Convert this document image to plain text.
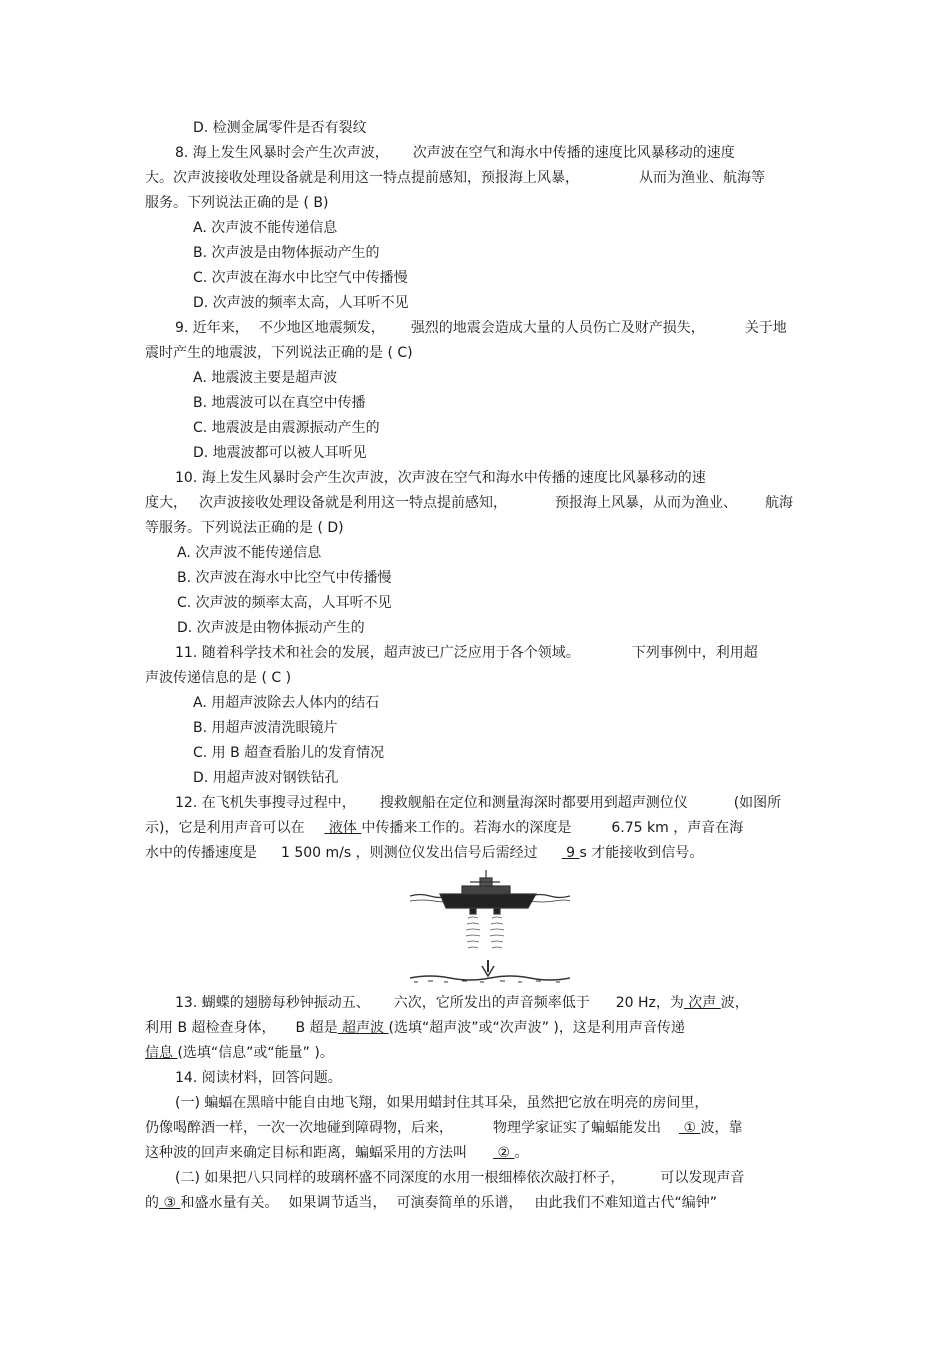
D. 检测金属零件是否有裂纹
8. 海上发生风暴时会产生次声波， 次声波在空气和海水中传播的速度比风暴移动的速度
大。次声波接收处理设备就是利用这一特点提前感知，预报海上风暴，	从而为渔业、航海等
服务。下列说法正确的是 ( B)
A. 次声波不能传递信息
B. 次声波是由物体振动产生的
C. 次声波在海水中比空气中传播慢
D. 次声波的频率太高，人耳听不见
9. 近年来， 不少地区地震频发， 强烈的地震会造成大量的人员伤亡及财产损失，	关于地
震时产生的地震波，下列说法正确的是 ( C)
A. 地震波主要是超声波
B. 地震波可以在真空中传播
C. 地震波是由震源振动产生的
D. 地震波都可以被人耳听见
10. 海上发生风暴时会产生次声波，次声波在空气和海水中传播的速度比风暴移动的速
度大， 次声波接收处理设备就是利用这一特点提前感知，	预报海上风暴，从而为渔业、 航海
等服务。下列说法正确的是 ( D)
A. 次声波不能传递信息
B. 次声波在海水中比空气中传播慢
C. 次声波的频率太高，人耳听不见
D. 次声波是由物体振动产生的
11. 随着科学技术和社会的发展，超声波已广泛应用于各个领域。	下列事例中，利用超
声波传递信息的是 ( C )
A. 用超声波除去人体内的结石
B. 用超声波清洗眼镜片
C. 用 B 超查看胎儿的发育情况
D. 用超声波对钢铁钻孔
12. 在飞机失事搜寻过程中， 搜救舰船在定位和测量海深时都要用到超声测位仪	(如图所
示)，它是利用声音可以在 液体 中传播来工作的。若海水的深度是	6.75 km ，声音在海
水中的传播速度是 1 500 m/s ，则测位仪发出信号后需经过 9 s 才能接收到信号。
13. 蝴蝶的翅膀每秒钟振动五、 六次，它所发出的声音频率低于 20 Hz，为 次声 波，
利用 B 超检查身体， B 超是 超声波 (选填“超声波”或“次声波” )，这是利用声音传递
信息 (选填“信息”或“能量” )。
14. 阅读材料，回答问题。
(一) 蝙蝠在黑暗中能自由地飞翔，如果用蜡封住其耳朵，虽然把它放在明亮的房间里，
仍像喝醉酒一样，一次一次地碰到障碍物，后来，	物理学家证实了蝙蝠能发出 ① 波，靠
这种波的回声来确定目标和距离，蝙蝠采用的方法叫 ② 。
(二) 如果把八只同样的玻璃杯盛不同深度的水用一根细棒依次敲打杯子，	可以发现声音
的 ③ 和盛水量有关。 如果调节适当， 可演奏简单的乐谱， 由此我们不难知道古代“编钟”
